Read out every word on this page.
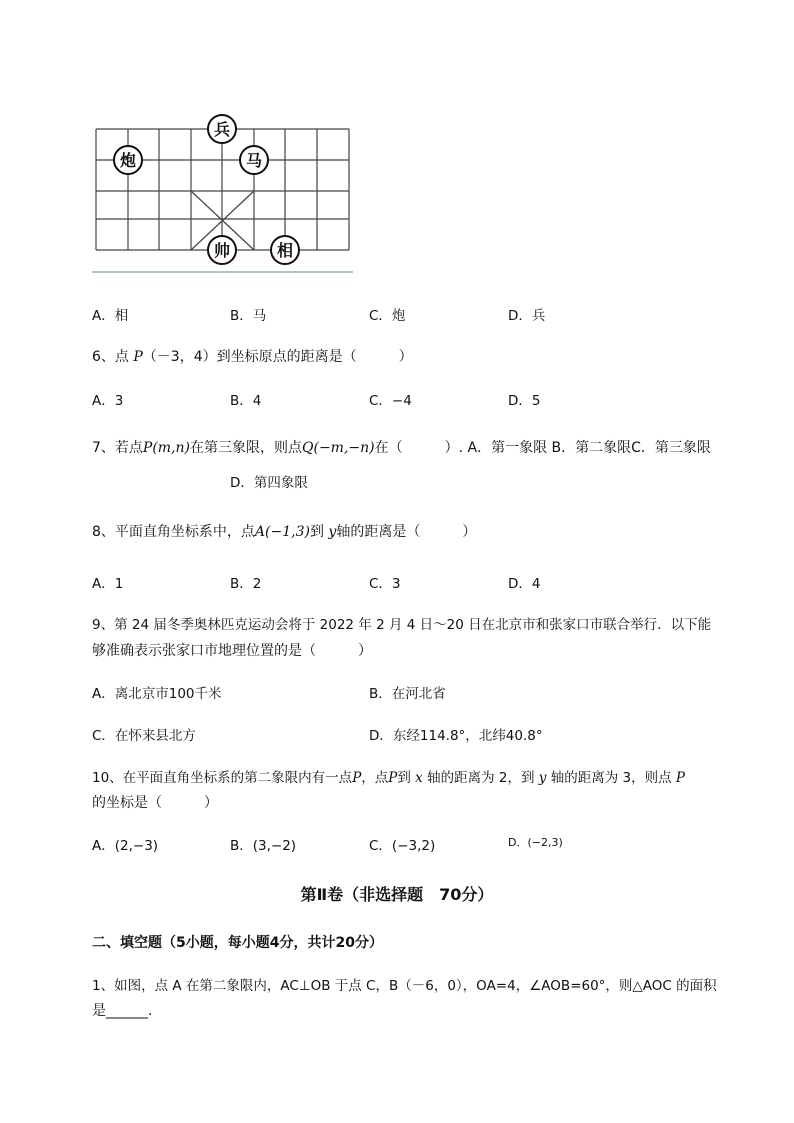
兵
炮	马
帅	相
A．相	B．马	C．炮	D．兵
6、点 P（－3，4）到坐标原点的距离是（　　　）
A．3	B．4	C．−4	D．5
7、若点P(m,n)在第三象限，则点Q(−m,−n)在（　　　）. A．第一象限 B．第二象限C．第三象限
D．第四象限
8、平面直角坐标系中，点A(−1,3)到 y轴的距离是（　　　）
A．1	B．2	C．3	D．4
9、第 24 届冬季奥林匹克运动会将于 2022 年 2 月 4 日～20 日在北京市和张家口市联合举行．以下能
够准确表示张家口市地理位置的是（　　　）
A．离北京市100千米	B．在河北省
C．在怀来县北方	D．东经114.8°，北纬40.8°
10、在平面直角坐标系的第二象限内有一点P，点P到 x 轴的距离为 2，到 y 轴的距离为 3，则点 P
的坐标是（　　　）
A．(2,−3)	B．(3,−2)	C．(−3,2)	D．(−2,3)
第Ⅱ卷（非选择题　70分）
二、填空题（5小题，每小题4分，共计20分）
1、如图，点 A 在第二象限内，AC⊥OB 于点 C，B（－6，0），OA=4，∠AOB=60°，则△AOC 的面积
是______.
